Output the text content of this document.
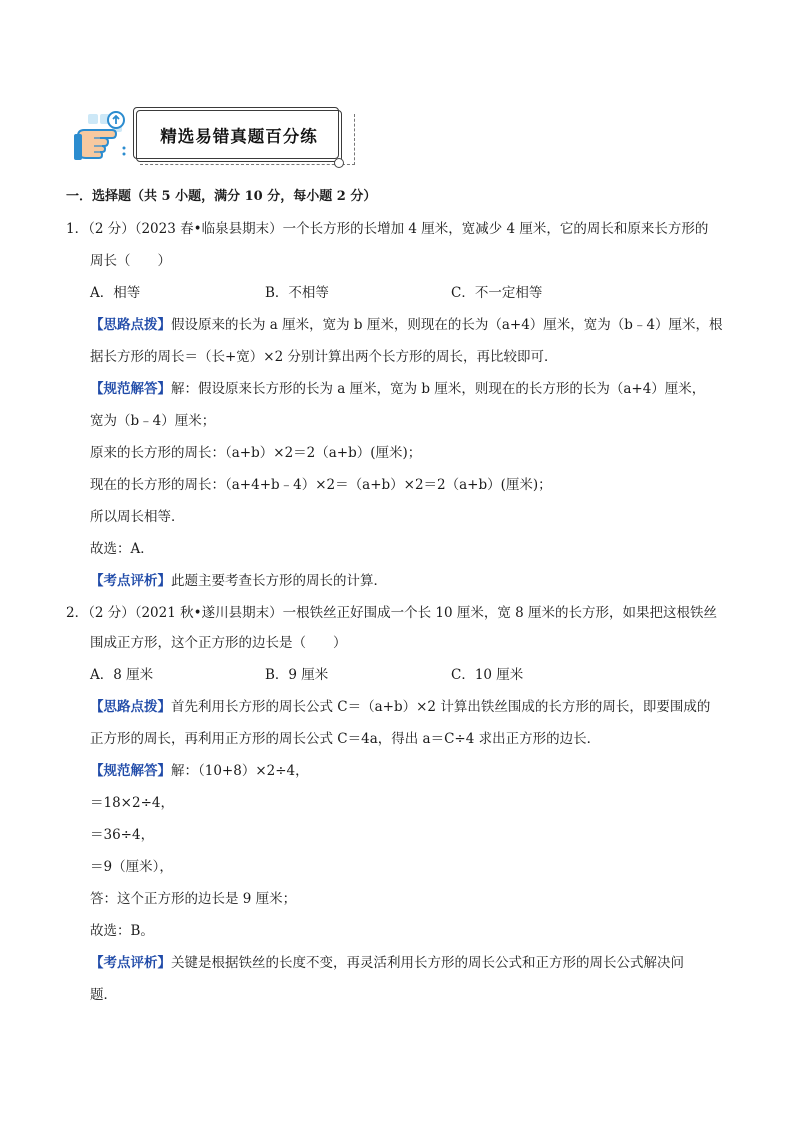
精选易错真题百分练
一．选择题（共 5 小题，满分 10 分，每小题 2 分）
1．（2 分）（2023 春•临泉县期末）一个长方形的长增加 4 厘米，宽减少 4 厘米，它的周长和原来长方形的
周长（　　）
A．相等	B．不相等	C．不一定相等
【思路点拨】假设原来的长为 a 厘米，宽为 b 厘米，则现在的长为（a+4）厘米，宽为（b﹣4）厘米，根
据长方形的周长＝（长+宽）×2 分别计算出两个长方形的周长，再比较即可．
【规范解答】解：假设原来长方形的长为 a 厘米，宽为 b 厘米，则现在的长方形的长为（a+4）厘米，
宽为（b﹣4）厘米；
原来的长方形的周长：（a+b）×2＝2（a+b）(厘米)；
现在的长方形的周长：（a+4+b﹣4）×2＝（a+b）×2＝2（a+b）(厘米)；
所以周长相等．
故选：A．
【考点评析】此题主要考查长方形的周长的计算．
2．（2 分）（2021 秋•遂川县期末）一根铁丝正好围成一个长 10 厘米，宽 8 厘米的长方形，如果把这根铁丝
围成正方形，这个正方形的边长是（　　）
A．8 厘米	B．9 厘米	C．10 厘米
【思路点拨】首先利用长方形的周长公式 C＝（a+b）×2 计算出铁丝围成的长方形的周长，即要围成的
正方形的周长，再利用正方形的周长公式 C＝4a，得出 a＝C÷4 求出正方形的边长．
【规范解答】解：（10+8）×2÷4，
＝18×2÷4，
＝36÷4，
＝9（厘米），
答：这个正方形的边长是 9 厘米；
故选：B。
【考点评析】关键是根据铁丝的长度不变，再灵活利用长方形的周长公式和正方形的周长公式解决问
题．
